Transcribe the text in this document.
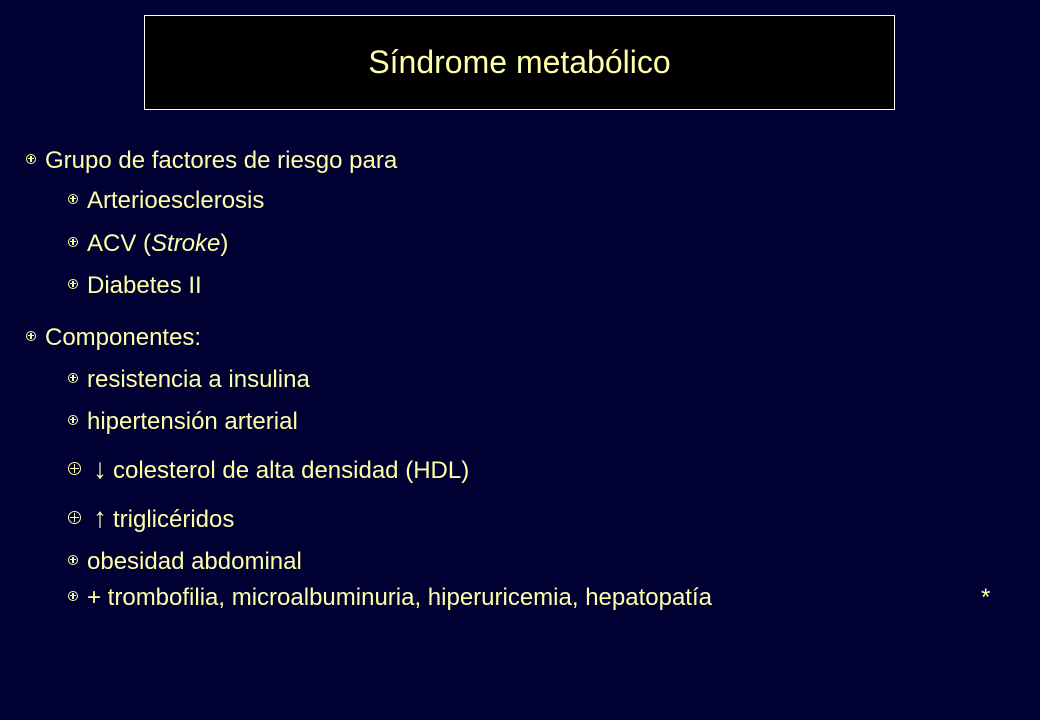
Síndrome metabólico
Grupo de factores de riesgo para
Arterioesclerosis
ACV (Stroke)
Diabetes II
Componentes:
resistencia a insulina
hipertensión arterial
↓ colesterol de alta densidad (HDL)
↑ triglicéridos
obesidad abdominal
+ trombofilia, microalbuminuria, hiperuricemia, hepatopatía	*
